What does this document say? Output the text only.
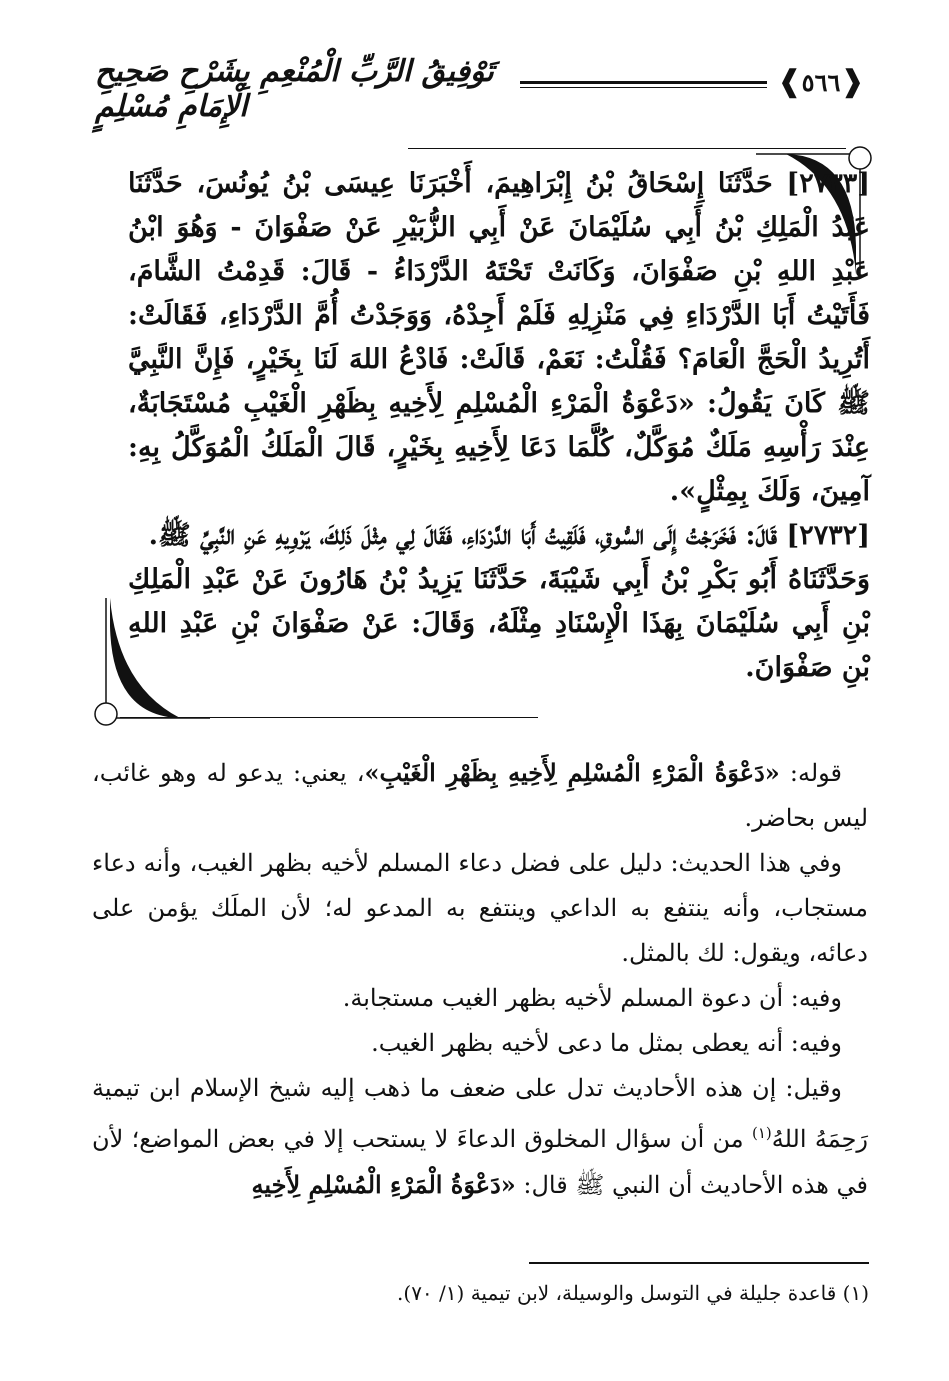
❰
٥٦٦
❱
تَوْفِيقُ الرَّبِّ الْمُنْعِمِ بِشَرْحِ صَحِيحِ الْإِمَامِ مُسْلِمٍ

[٢٧٣٣] حَدَّثَنَا إِسْحَاقُ بْنُ إِبْرَاهِيمَ، أَخْبَرَنَا عِيسَى بْنُ يُونُسَ، حَدَّثَنَا عَبْدُ الْمَلِكِ بْنُ أَبِي سُلَيْمَانَ عَنْ أَبِي الزُّبَيْرِ عَنْ صَفْوَانَ - وَهُوَ ابْنُ عَبْدِ اللهِ بْنِ صَفْوَانَ، وَكَانَتْ تَحْتَهُ الدَّرْدَاءُ - قَالَ: قَدِمْتُ الشَّامَ، فَأَتَيْتُ أَبَا الدَّرْدَاءِ فِي مَنْزِلِهِ فَلَمْ أَجِدْهُ، وَوَجَدْتُ أُمَّ الدَّرْدَاءِ، فَقَالَتْ: أَتُرِيدُ الْحَجَّ الْعَامَ؟ فَقُلْتُ: نَعَمْ، قَالَتْ: فَادْعُ اللهَ لَنَا بِخَيْرٍ، فَإِنَّ النَّبِيَّ ﷺ كَانَ يَقُولُ: «دَعْوَةُ الْمَرْءِ الْمُسْلِمِ لِأَخِيهِ بِظَهْرِ الْغَيْبِ مُسْتَجَابَةٌ، عِنْدَ رَأْسِهِ مَلَكٌ مُوَكَّلٌ، كُلَّمَا دَعَا لِأَخِيهِ بِخَيْرٍ، قَالَ الْمَلَكُ الْمُوَكَّلُ بِهِ: آمِينَ، وَلَكَ بِمِثْلٍ».

[٢٧٣٢] قَالَ: فَخَرَجْتُ إِلَى السُّوقِ، فَلَقِيتُ أَبَا الدَّرْدَاءِ، فَقَالَ لِي مِثْلَ ذَلِكَ، يَرْوِيهِ عَنِ النَّبِيِّ ﷺ.

وَحَدَّثَنَاهُ أَبُو بَكْرِ بْنُ أَبِي شَيْبَةَ، حَدَّثَنَا يَزِيدُ بْنُ هَارُونَ عَنْ عَبْدِ الْمَلِكِ بْنِ أَبِي سُلَيْمَانَ بِهَذَا الْإِسْنَادِ مِثْلَهُ، وَقَالَ: عَنْ صَفْوَانَ بْنِ عَبْدِ اللهِ بْنِ صَفْوَانَ.

قوله: «دَعْوَةُ الْمَرْءِ الْمُسْلِمِ لِأَخِيهِ بِظَهْرِ الْغَيْبِ»، يعني: يدعو له وهو غائب، ليس بحاضر.

وفي هذا الحديث: دليل على فضل دعاء المسلم لأخيه بظهر الغيب، وأنه دعاء مستجاب، وأنه ينتفع به الداعي وينتفع به المدعو له؛ لأن الملَك يؤمن على دعائه، ويقول: لك بالمثل.

وفيه: أن دعوة المسلم لأخيه بظهر الغيب مستجابة.

وفيه: أنه يعطى بمثل ما دعى لأخيه بظهر الغيب.

وقيل: إن هذه الأحاديث تدل على ضعف ما ذهب إليه شيخ الإسلام ابن تيمية رَحِمَهُ اللهُ$^{(١)}$ من أن سؤال المخلوق الدعاءَ لا يستحب إلا في بعض المواضع؛ لأن في هذه الأحاديث أن النبي ﷺ قال: «دَعْوَةُ الْمَرْءِ الْمُسْلِمِ لِأَخِيهِ

(١) قاعدة جليلة في التوسل والوسيلة، لابن تيمية (١/ ٧٠).
